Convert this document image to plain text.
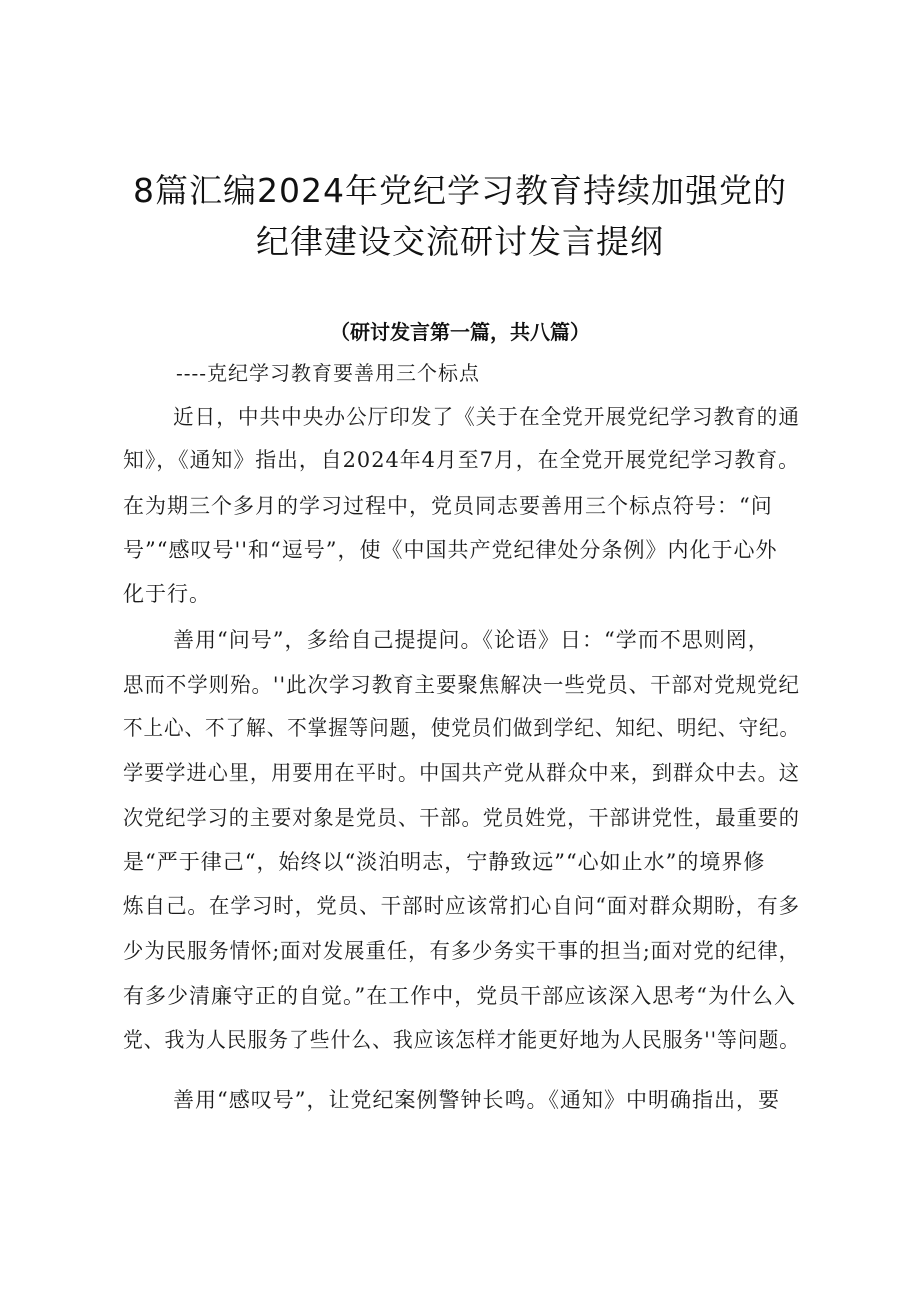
8篇汇编2024年党纪学习教育持续加强党的
纪律建设交流研讨发言提纲
（研讨发言第一篇，共八篇）
----克纪学习教育要善用三个标点
近日，中共中央办公厅印发了《关于在全党开展党纪学习教育的通
知》，《通知》指出，自2024年4月至7月，在全党开展党纪学习教育。
在为期三个多月的学习过程中，党员同志要善用三个标点符号：“问
号”“感叹号''和“逗号”，使《中国共产党纪律处分条例》内化于心外
化于行。
善用“问号”，多给自己提提问。《论语》日：“学而不思则罔，
思而不学则殆。''此次学习教育主要聚焦解决一些党员、干部对党规党纪
不上心、不了解、不掌握等问题，使党员们做到学纪、知纪、明纪、守纪。
学要学进心里，用要用在平时。中国共产党从群众中来，到群众中去。这
次党纪学习的主要对象是党员、干部。党员姓党，干部讲党性，最重要的
是“严于律己“，始终以“淡泊明志，宁静致远”“心如止水”的境界修
炼自己。在学习时，党员、干部时应该常扪心自问“面对群众期盼，有多
少为民服务情怀;面对发展重任，有多少务实干事的担当;面对党的纪律，
有多少清廉守正的自觉。”在工作中，党员干部应该深入思考“为什么入
党、我为人民服务了些什么、我应该怎样才能更好地为人民服务''等问题。
善用“感叹号”，让党纪案例警钟长鸣。《通知》中明确指出，要
